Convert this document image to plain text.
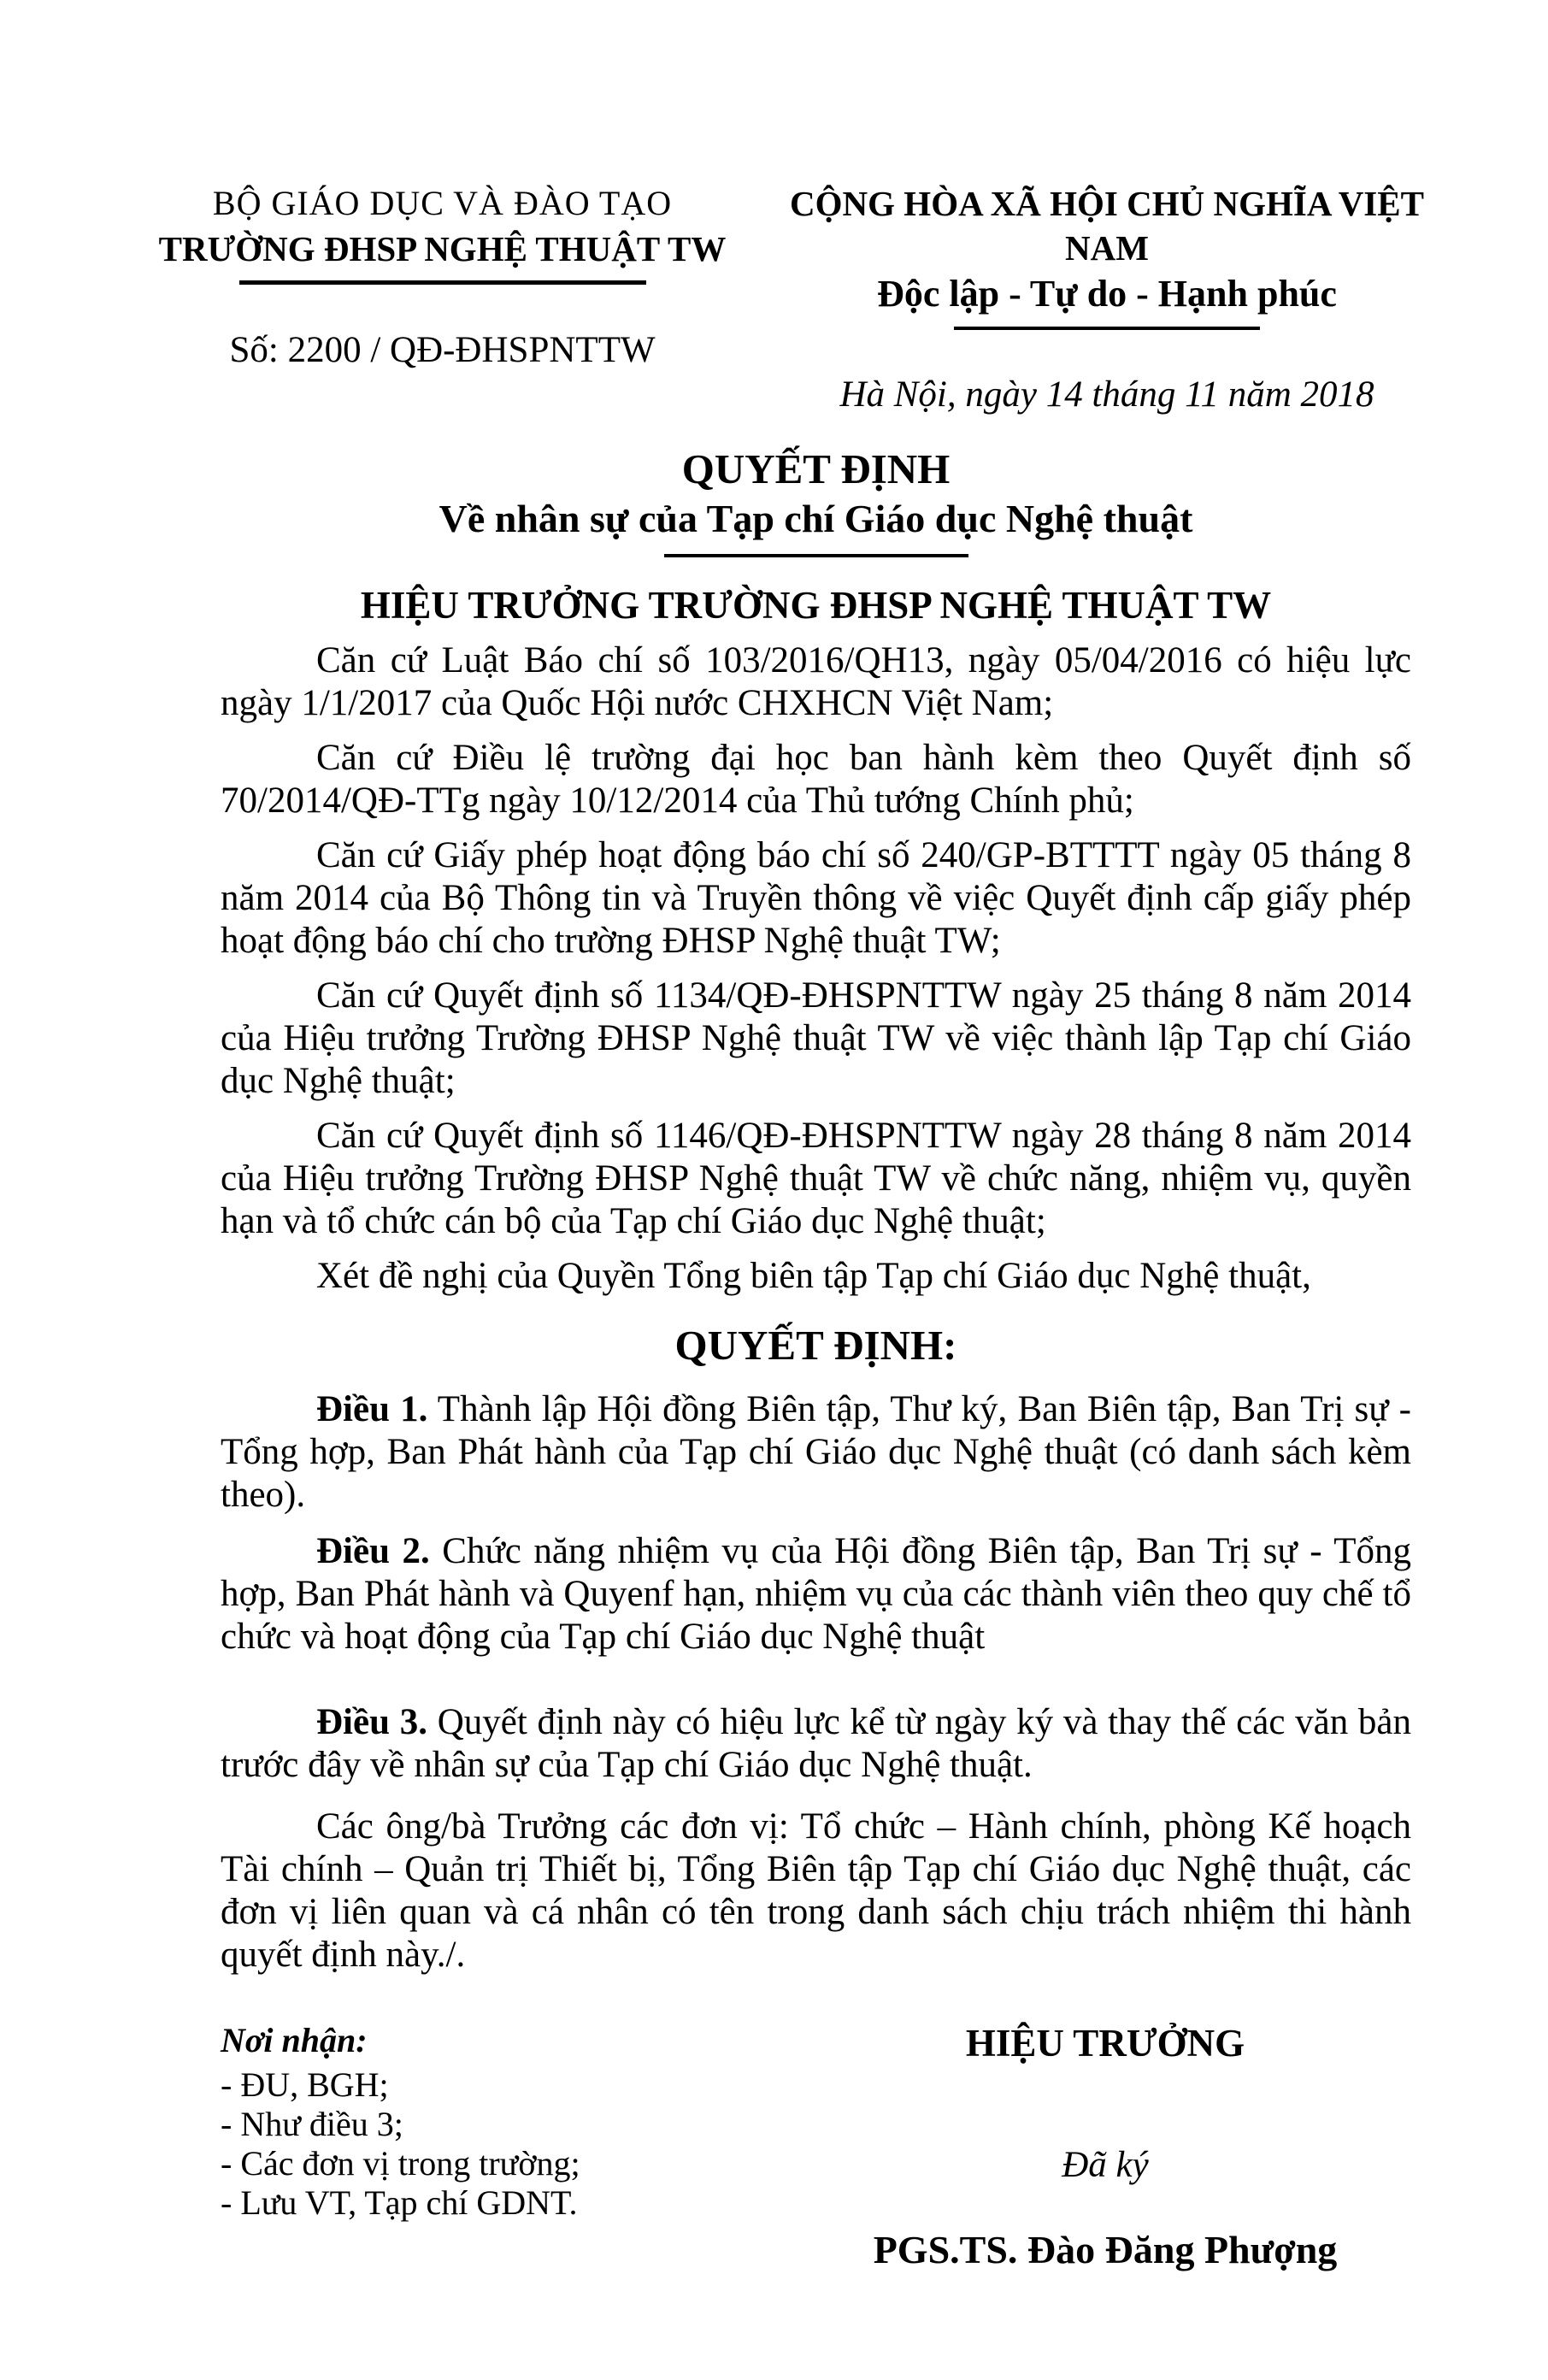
BỘ GIÁO DỤC VÀ ĐÀO TẠO
TRƯỜNG ĐHSP NGHỆ THUẬT TW
Số: 2200 / QĐ-ĐHSPNTTW
CỘNG HÒA XÃ HỘI CHỦ NGHĨA VIỆT NAM
Độc lập - Tự do - Hạnh phúc
Hà Nội, ngày 14 tháng 11 năm 2018
QUYẾT ĐỊNH
Về nhân sự của Tạp chí Giáo dục Nghệ thuật
HIỆU TRƯỞNG TRƯỜNG ĐHSP NGHỆ THUẬT TW

Căn cứ Luật Báo chí số 103/2016/QH13, ngày 05/04/2016 có hiệu lực ngày 1/1/2017 của Quốc Hội nước CHXHCN Việt Nam;

Căn cứ Điều lệ trường đại học ban hành kèm theo Quyết định số 70/2014/QĐ-TTg ngày 10/12/2014 của Thủ tướng Chính phủ;

Căn cứ Giấy phép hoạt động báo chí số 240/GP-BTTTT ngày 05 tháng 8 năm 2014 của Bộ Thông tin và Truyền thông về việc Quyết định cấp giấy phép hoạt động báo chí cho trường ĐHSP Nghệ thuật TW;

Căn cứ Quyết định số 1134/QĐ-ĐHSPNTTW ngày 25 tháng 8 năm 2014 của Hiệu trưởng Trường ĐHSP Nghệ thuật TW về việc thành lập Tạp chí Giáo dục Nghệ thuật;

Căn cứ Quyết định số 1146/QĐ-ĐHSPNTTW ngày 28 tháng 8 năm 2014 của Hiệu trưởng Trường ĐHSP Nghệ thuật TW về chức năng, nhiệm vụ, quyền hạn và tổ chức cán bộ của Tạp chí Giáo dục Nghệ thuật;

Xét đề nghị của Quyền Tổng biên tập Tạp chí Giáo dục Nghệ thuật,

QUYẾT ĐỊNH:

Điều 1. Thành lập Hội đồng Biên tập, Thư ký, Ban Biên tập, Ban Trị sự - Tổng hợp, Ban Phát hành của Tạp chí Giáo dục Nghệ thuật (có danh sách kèm theo).

Điều 2. Chức năng nhiệm vụ của Hội đồng Biên tập, Ban Trị sự - Tổng hợp, Ban Phát hành và Quyenf hạn, nhiệm vụ của các thành viên theo quy chế tổ chức và hoạt động của Tạp chí Giáo dục Nghệ thuật

Điều 3. Quyết định này có hiệu lực kể từ ngày ký và thay thế các văn bản trước đây về nhân sự của Tạp chí Giáo dục Nghệ thuật.

Các ông/bà Trưởng các đơn vị: Tổ chức – Hành chính, phòng Kế hoạch Tài chính – Quản trị Thiết bị, Tổng Biên tập Tạp chí Giáo dục Nghệ thuật, các đơn vị liên quan và cá nhân có tên trong danh sách chịu trách nhiệm thi hành quyết định này./.

Nơi nhận:

- ĐU, BGH;

- Như điều 3;

- Các đơn vị trong trường;

- Lưu VT, Tạp chí GDNT.

HIỆU TRƯỞNG
Đã ký
PGS.TS. Đào Đăng Phượng
